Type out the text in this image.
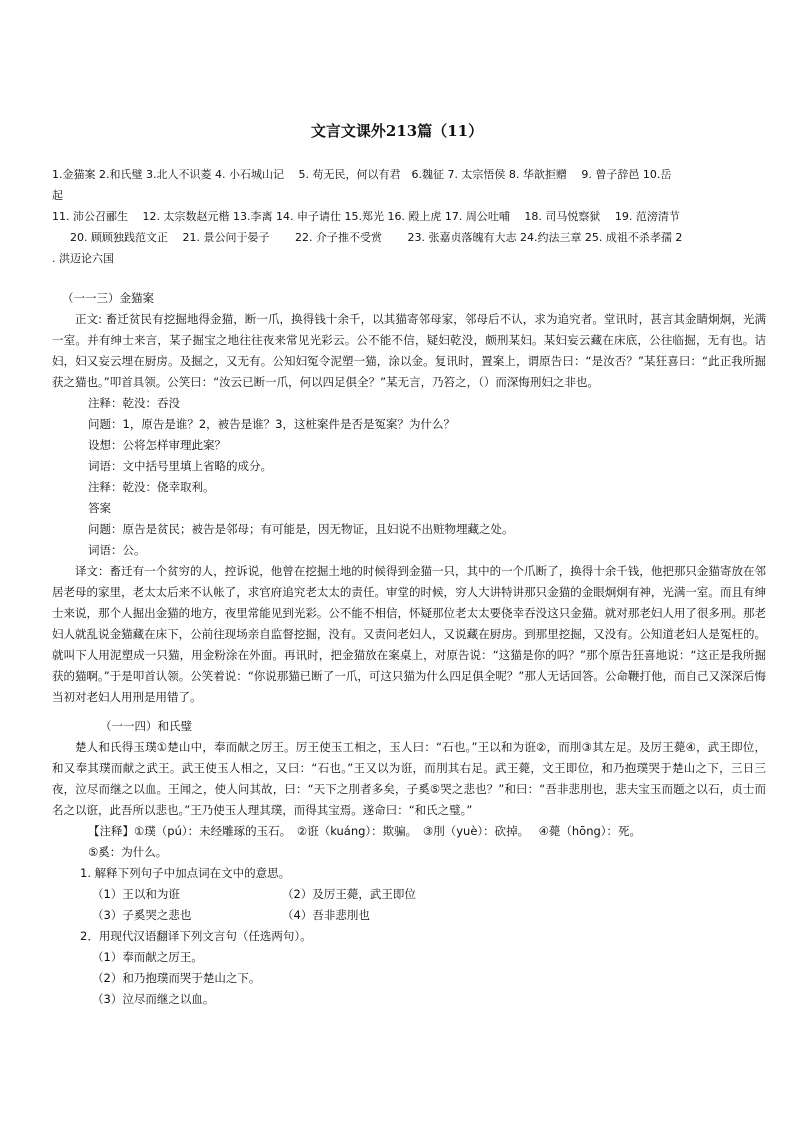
文言文课外213篇（11）
1.金猫案 2.和氏璧 3.北人不识菱 4. 小石城山记　 5. 苟无民，何以有君　6.魏征 7. 太宗悟侯 8. 华歆拒赠　 9. 曾子辞邑 10.岳
起
11. 沛公召郦生　 12. 太宗数赵元楷 13.李离 14. 申子请仕 15.郑光 16. 殿上虎 17. 周公吐哺　 18. 司马悦察狱　 19. 范滂清节
20. 顾顾独践范文正　 21. 景公问于晏子　　 22. 介子推不受赏　　 23. 张嘉贞落魄有大志 24.约法三章 25. 成祖不杀孝孺 2
. 洪迈论六国
（一一三）金猫案
正文: 畜迁贫民有挖掘地得金猫，断一爪，换得钱十余千，以其猫寄邻母家，邻母后不认，求为追究者。堂讯时，甚言其金睛炯炯，光满一室。并有绅士来言，某子掘宝之地往往夜来常见光彩云。公不能不信，疑妇乾没，颇刑某妇。某妇妄云藏在床底，公往临掘，无有也。诘妇，妇又妄云埋在厨房。及掘之，又无有。公知妇冤令泥塑一猫，涂以金。复讯时，置案上，谓原告曰：“是汝否？”某狂喜曰：“此正我所掘获之猫也。”叩首具领。公笑曰：“汝云已断一爪，何以四足俱全？”某无言，乃笞之，（）而深悔刑妇之非也。
注释：乾没：吞没
问题：1，原告是谁？2，被告是谁？3，这桩案件是否是冤案？为什么？
设想：公将怎样审理此案？
词语：文中括号里填上省略的成分。
注释：乾没：侥幸取利。
答案
问题：原告是贫民；被告是邻母；有可能是，因无物证，且妇说不出赃物埋藏之处。
词语：公。
译文：畜迁有一个贫穷的人，控诉说，他曾在挖掘土地的时候得到金猫一只，其中的一个爪断了，换得十余千钱，他把那只金猫寄放在邻居老母的家里，老太太后来不认帐了，求官府追究老太太的责任。审堂的时候，穷人大讲特讲那只金猫的金眼炯炯有神，光满一室。而且有绅士来说，那个人掘出金猫的地方，夜里常能见到光彩。公不能不相信，怀疑那位老太太要侥幸吞没这只金猫。就对那老妇人用了很多刑。那老妇人就乱说金猫藏在床下，公前往现场亲自监督挖掘，没有。又责问老妇人，又说藏在厨房。到那里挖掘，又没有。公知道老妇人是冤枉的。就叫下人用泥塑成一只猫，用金粉涂在外面。再讯时，把金猫放在案桌上，对原告说：“这猫是你的吗？”那个原告狂喜地说：“这正是我所掘获的猫啊。”于是叩首认领。公笑着说：“你说那猫已断了一爪，可这只猫为什么四足俱全呢？”那人无话回答。公命鞭打他，而自己又深深后悔当初对老妇人用刑是用错了。
（一一四）和氏璧
楚人和氏得玉璞①楚山中，奉而献之厉王。厉王使玉工相之，玉人曰：“石也。”王以和为诳②，而刖③其左足。及厉王薨④，武王即位，和又奉其璞而献之武王。武王使玉人相之，又曰：“石也。”王又以为诳，而刖其右足。武王薨，文王即位，和乃抱璞哭于楚山之下，三日三夜，泣尽而继之以血。王闻之，使人问其故，曰：“天下之刖者多矣，子奚⑤哭之悲也？”和曰：“吾非悲刖也，悲夫宝玉而题之以石，贞士而名之以诳，此吾所以悲也。”王乃使玉人理其璞，而得其宝焉。遂命曰：“和氏之璧。”
【注释】①璞（pú）：未经雕琢的玉石。　②诳（kuáng）：欺骗。　③刖（yuè）：砍掉。　 ④薨（hōng）：死。
⑤奚：为什么。
1. 解释下列句子中加点词在文中的意思。
（1）王以和为诳	（2）及厉王薨，武王即位
（3）子奚哭之悲也	（4）吾非悲刖也
2．用现代汉语翻译下列文言句（任选两句）。
（1）奉而献之厉王。
（2）和乃抱璞而哭于楚山之下。
（3）泣尽而继之以血。
